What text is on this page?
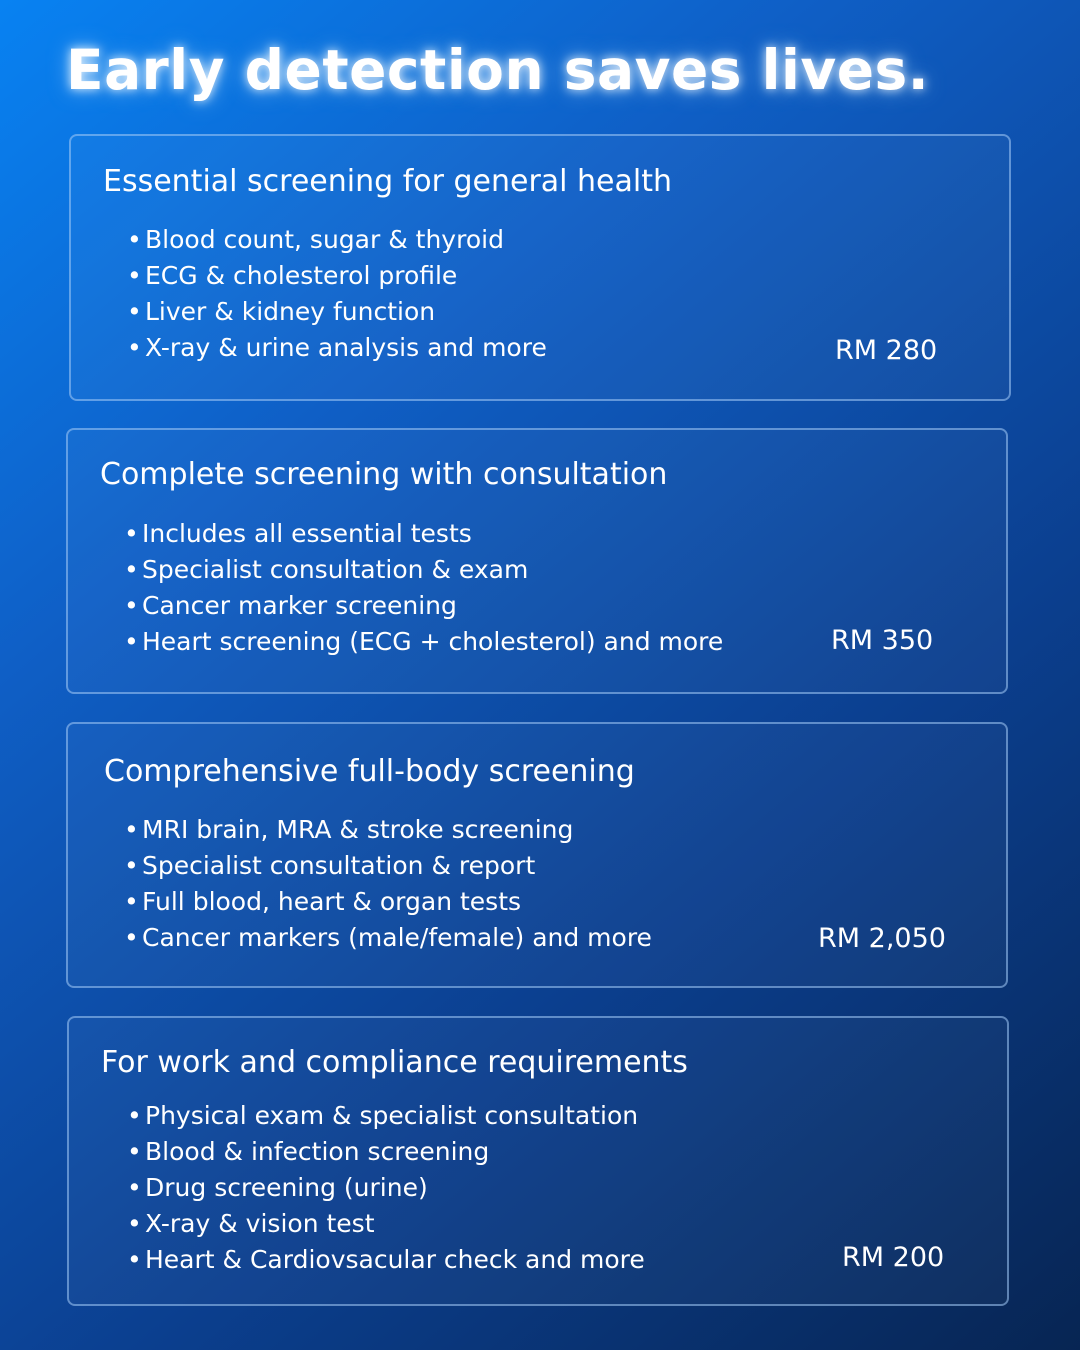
Early detection saves lives.
Essential screening for general health
• Blood count, sugar & thyroid
• ECG & cholesterol profile
• Liver & kidney function
• X-ray & urine analysis and more	RM 280
Complete screening with consultation
• Includes all essential tests
• Specialist consultation & exam
• Cancer marker screening
• Heart screening (ECG + cholesterol) and more	RM 350
Comprehensive full-body screening
• MRI brain, MRA & stroke screening
• Specialist consultation & report
• Full blood, heart & organ tests
• Cancer markers (male/female) and more	RM 2,050
For work and compliance requirements
• Physical exam & specialist consultation
• Blood & infection screening
• Drug screening (urine)
• X-ray & vision test
• Heart & Cardiovsacular check and more	RM 200
